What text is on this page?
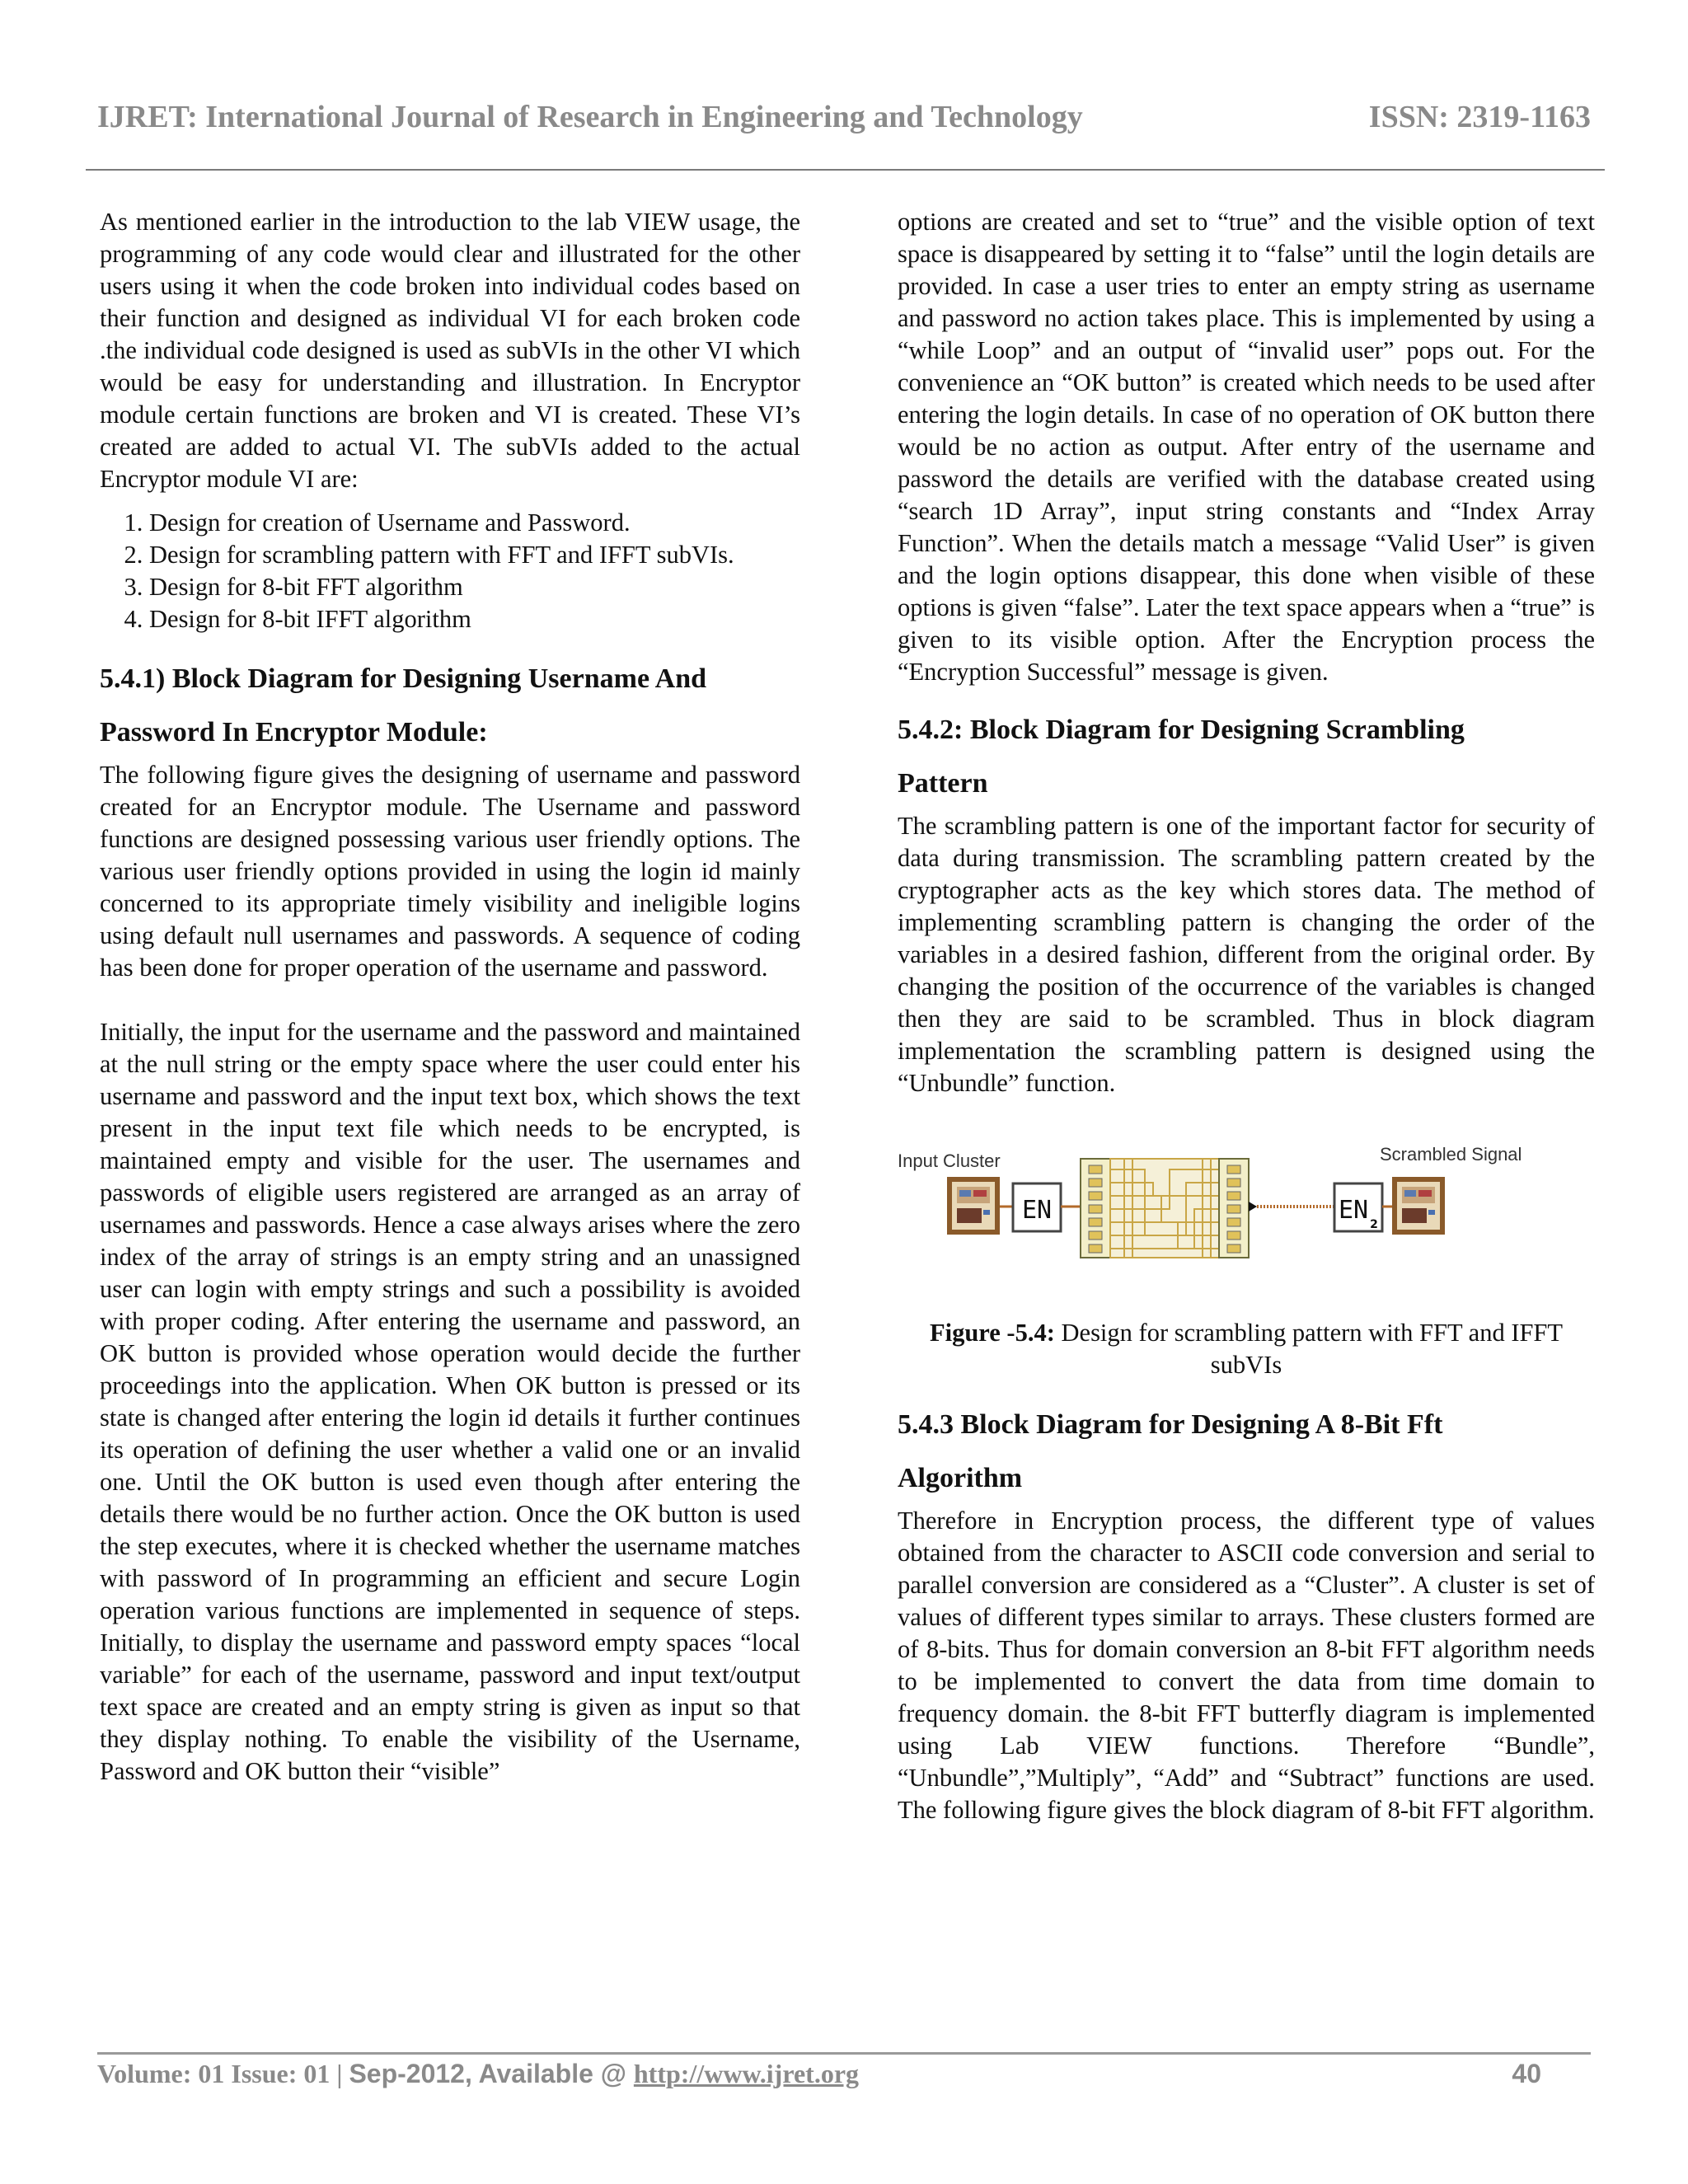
IJRET: International Journal of Research in Engineering and Technology	ISSN: 2319-1163

As mentioned earlier in the introduction to the lab VIEW usage, the programming of any code would clear and illustrated for the other users using it when the code broken into individual codes based on their function and designed as individual VI for each broken code .the individual code designed is used as subVIs in the other VI which would be easy for understanding and illustration. In Encryptor module certain functions are broken and VI is created. These VI’s created are added to actual VI. The subVIs added to the actual Encryptor module VI are:

1. Design for creation of Username and Password.
2. Design for scrambling pattern with FFT and IFFT subVIs.
3. Design for 8-bit FFT algorithm
4. Design for 8-bit IFFT algorithm
5.4.1) Block Diagram for Designing Username And
Password In Encryptor Module:

The following figure gives the designing of username and password created for an Encryptor module. The Username and password functions are designed possessing various user friendly options. The various user friendly options provided in using the login id mainly concerned to its appropriate timely visibility and ineligible logins using default null usernames and passwords. A sequence of coding has been done for proper operation of the username and password.

Initially, the input for the username and the password and maintained at the null string or the empty space where the user could enter his username and password and the input text box, which shows the text present in the input text file which needs to be encrypted, is maintained empty and visible for the user. The usernames and passwords of eligible users registered are arranged as an array of usernames and passwords. Hence a case always arises where the zero index of the array of strings is an empty string and an unassigned user can login with empty strings and such a possibility is avoided with proper coding. After entering the username and password, an OK button is provided whose operation would decide the further proceedings into the application. When OK button is pressed or its state is changed after entering the login id details it further continues its operation of defining the user whether a valid one or an invalid one. Until the OK button is used even though after entering the details there would be no further action. Once the OK button is used the step executes, where it is checked whether the username matches with password of In programming an efficient and secure Login operation various functions are implemented in sequence of steps. Initially, to display the username and password empty spaces “local variable” for each of the username, password and input text/output text space are created and an empty string is given as input so that they display nothing. To enable the visibility of the Username, Password and OK button their “visible”

options are created and set to “true” and the visible option of text space is disappeared by setting it to “false” until the login details are provided. In case a user tries to enter an empty string as username and password no action takes place. This is implemented by using a “while Loop” and an output of “invalid user” pops out. For the convenience an “OK button” is created which needs to be used after entering the login details. In case of no operation of OK button there would be no action as output. After entry of the username and password the details are verified with the database created using “search 1D Array”, input string constants and “Index Array Function”. When the details match a message “Valid User” is given and the login options disappear, this done when visible of these options is given “false”. Later the text space appears when a “true” is given to its visible option. After the Encryption process the “Encryption Successful” message is given.

5.4.2: Block Diagram for Designing Scrambling
Pattern

The scrambling pattern is one of the important factor for security of data during transmission. The scrambling pattern created by the cryptographer acts as the key which stores data. The method of implementing scrambling pattern is changing the order of the variables in a desired fashion, different from the original order. By changing the position of the occurrence of the variables is changed then they are said to be scrambled. Thus in block diagram implementation the scrambling pattern is designed using the “Unbundle” function.

Input Cluster	Scrambled Signal
EN	EN 2
Figure -5.4: Design for scrambling pattern with FFT and IFFT subVIs
5.4.3 Block Diagram for Designing A 8-Bit Fft
Algorithm

Therefore in Encryption process, the different type of values obtained from the character to ASCII code conversion and serial to parallel conversion are considered as a “Cluster”. A cluster is set of values of different types similar to arrays. These clusters formed are of 8-bits. Thus for domain conversion an 8-bit FFT algorithm needs to be implemented to convert the data from time domain to frequency domain. the 8-bit FFT butterfly diagram is implemented using Lab VIEW functions. Therefore “Bundle”, “Unbundle”,”Multiply”, “Add” and “Subtract” functions are used. The following figure gives the block diagram of 8-bit FFT algorithm.

Volume: 01 Issue: 01 | Sep-2012, Available @ http://www.ijret.org	40
